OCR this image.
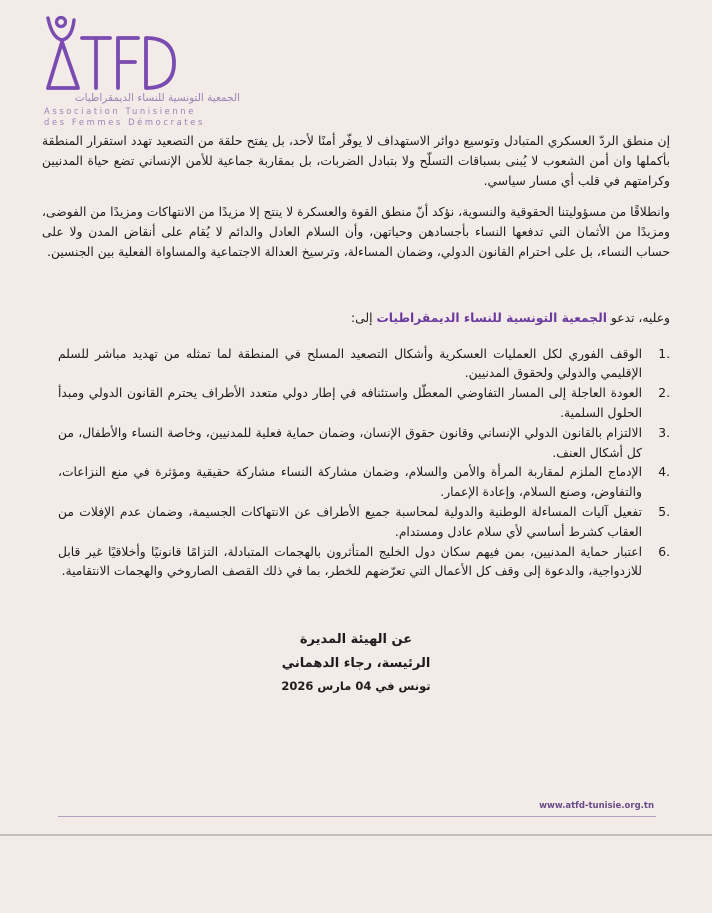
الجمعية التونسية للنساء الديمقراطيات
Association Tunisienne
des Femmes Démocrates

إن منطق الردّ العسكري المتبادل وتوسيع دوائر الاستهداف لا يوفّر أمنًا لأحد، بل يفتح حلقة من التصعيد تهدد استقرار المنطقة بأكملها وان أمن الشعوب لا يُبنى بسباقات التسلّح ولا بتبادل الضربات، بل بمقاربة جماعية للأمن الإنساني تضع حياة المدنيين وكرامتهم في قلب أي مسار سياسي.

وانطلاقًا من مسؤوليتنا الحقوقية والنسوية، نؤكد أنّ منطق القوة والعسكرة لا ينتج إلا مزيدًا من الانتهاكات ومزيدًا من الفوضى، ومزيدًا من الأثمان التي تدفعها النساء بأجسادهن وحياتهن، وأن السلام العادل والدائم لا يُقام على أنقاض المدن ولا على حساب النساء، بل على احترام القانون الدولي، وضمان المساءلة، وترسيخ العدالة الاجتماعية والمساواة الفعلية بين الجنسين.

وعليه، تدعو الجمعية التونسية للنساء الديمقراطيات إلى:

1.
الوقف الفوري لكل العمليات العسكرية وأشكال التصعيد المسلح في المنطقة لما تمثله من تهديد مباشر للسلم الإقليمي والدولي ولحقوق المدنيين.
2.
العودة العاجلة إلى المسار التفاوضي المعطّل واستئنافه في إطار دولي متعدد الأطراف يحترم القانون الدولي ومبدأ الحلول السلمية.
3.
الالتزام بالقانون الدولي الإنساني وقانون حقوق الإنسان، وضمان حماية فعلية للمدنيين، وخاصة النساء والأطفال، من كل أشكال العنف.
4.
الإدماج الملزم لمقاربة المرأة والأمن والسلام، وضمان مشاركة النساء مشاركة حقيقية ومؤثرة في منع النزاعات، والتفاوض، وصنع السلام، وإعادة الإعمار.
5.
تفعيل آليات المساءلة الوطنية والدولية لمحاسبة جميع الأطراف عن الانتهاكات الجسيمة، وضمان عدم الإفلات من العقاب كشرط أساسي لأي سلام عادل ومستدام.
6.
اعتبار حماية المدنيين، بمن فيهم سكان دول الخليج المتأثرون بالهجمات المتبادلة، التزامًا قانونيًا وأخلاقيًا غير قابل للازدواجية، والدعوة إلى وقف كل الأعمال التي تعرّضهم للخطر، بما في ذلك القصف الصاروخي والهجمات الانتقامية.
عن الهيئة المديرة
الرئيسة، رجاء الدهماني
تونس في 04 مارس 2026
www.atfd-tunisie.org.tn
